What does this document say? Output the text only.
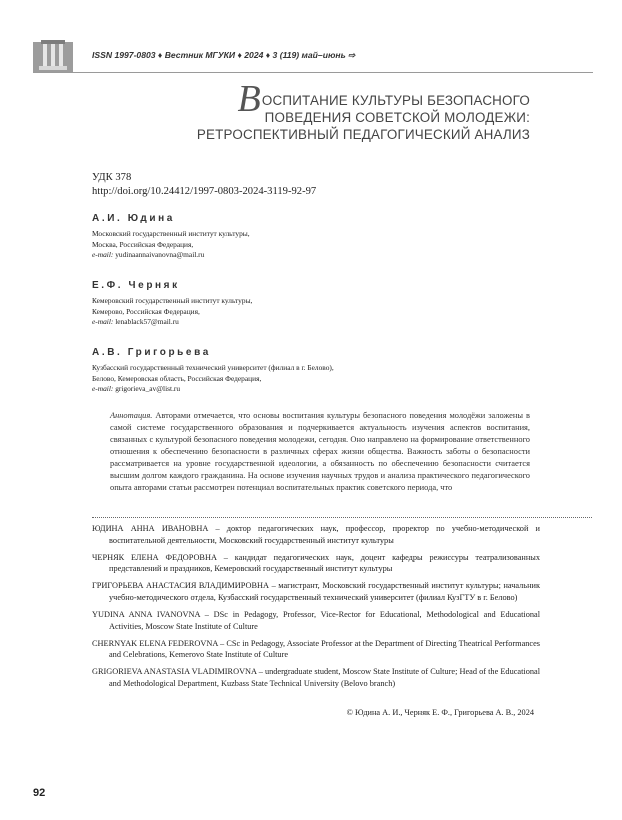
ISSN 1997-0803 ♦ Вестник МГУКИ ♦ 2024 ♦ 3 (119) май–июнь ⇨
ВОСПИТАНИЕ КУЛЬТУРЫ БЕЗОПАСНОГО
ПОВЕДЕНИЯ СОВЕТСКОЙ МОЛОДЕЖИ:
РЕТРОСПЕКТИВНЫЙ ПЕДАГОГИЧЕСКИЙ АНАЛИЗ
УДК 378
http://doi.org/10.24412/1997-0803-2024-3119-92-97
А.И. Юдина
Московский государственный институт культуры,
Москва, Российская Федерация,
e-mail: yudinaannaivanovna@mail.ru
Е.Ф. Черняк
Кемеровский государственный институт культуры,
Кемерово, Российская Федерация,
e-mail: lenablack57@mail.ru
А.В. Григорьева
Кузбасский государственный технический университет (филиал в г. Белово),
Белово, Кемеровская область, Российская Федерация,
e-mail: grigorieva_av@list.ru
Аннотация. Авторами отмечается, что основы воспитания культуры безопасного поведения молодёжи заложены в самой системе государственного образования и подчеркивается актуальность изучения аспектов воспитания, связанных с культурой безопасного поведения молодежи, сегодня. Оно направлено на формирование ответственного отношения к обеспечению безопасности в различных сферах жизни общества. Важность заботы о безопасности рассматривается на уровне государственной идеологии, а обязанность по обеспечению безопасности считается высшим долгом каждого гражданина. На основе изучения научных трудов и анализа практического педагогического опыта авторами статьи рассмотрен потенциал воспитательных практик советского периода, что

ЮДИНА АННА ИВАНОВНА – доктор педагогических наук, профессор, проректор по учебно-методической и воспитательной деятельности, Московский государственный институт культуры

ЧЕРНЯК ЕЛЕНА ФЕДОРОВНА – кандидат педагогических наук, доцент кафедры режиссуры театрализованных представлений и праздников, Кемеровский государственный институт культуры

ГРИГОРЬЕВА АНАСТАСИЯ ВЛАДИМИРОВНА – магистрант, Московский государственный институт культуры; начальник учебно-методического отдела, Кузбасский государственный технический университет (филиал КузГТУ в г. Белово)

YUDINA ANNA IVANOVNA – DSc in Pedagogy, Professor, Vice-Rector for Educational, Methodological and Educational Activities, Moscow State Institute of Culture

CHERNYAK ELENA FEDEROVNA – CSc in Pedagogy, Associate Professor at the Department of Directing Theatrical Performances and Celebrations, Kemerovo State Institute of Culture

GRIGORIEVA ANASTASIA VLADIMIROVNA – undergraduate student, Moscow State Institute of Culture; Head of the Educational and Methodological Department, Kuzbass State Technical University (Belovo branch)

© Юдина А. И., Черняк Е. Ф., Григорьева А. В., 2024
92
